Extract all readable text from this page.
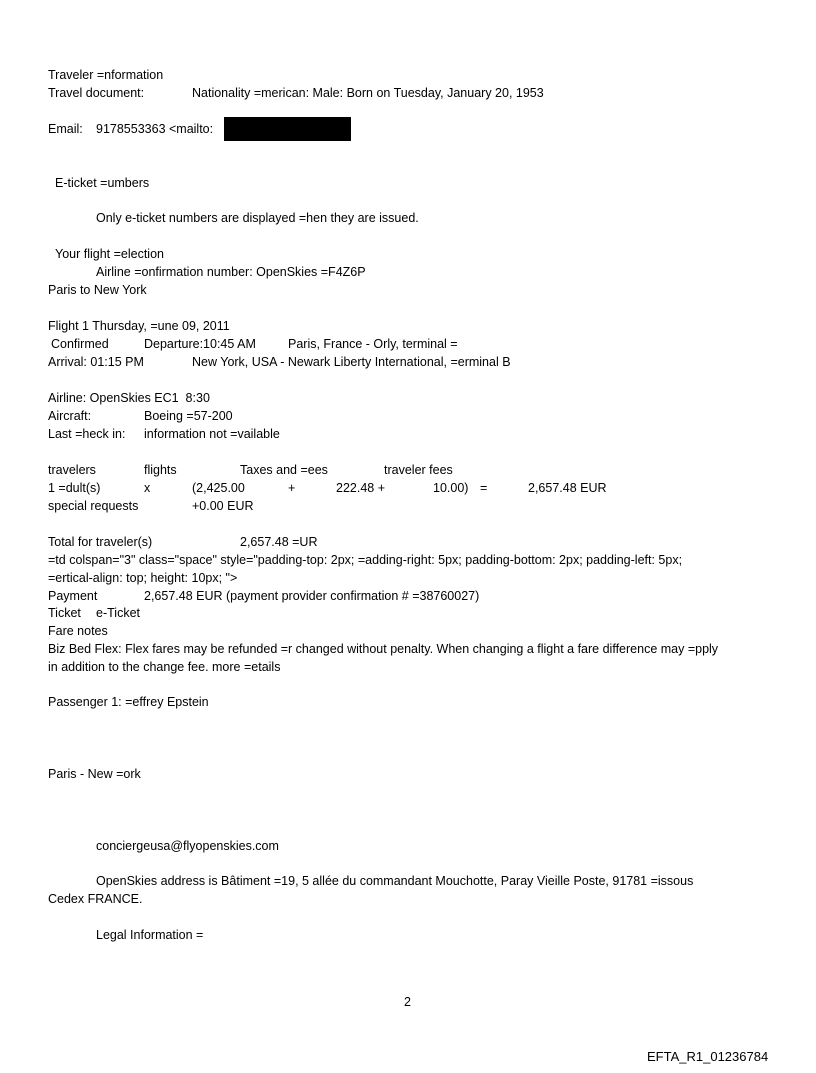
Traveler =nformation
Travel document:	Nationality =merican: Male: Born on Tuesday, January 20, 1953
Email: 9178553363 <mailto:
E-ticket =umbers
Only e-ticket numbers are displayed =hen they are issued.
Your flight =election
Airline =onfirmation number: OpenSkies =F4Z6P
Paris to New York
Flight 1 Thursday, =une 09, 2011
Confirmed	Departure:10:45 AM	Paris, France - Orly, terminal =
Arrival: 01:15 PM	New York, USA - Newark Liberty International, =erminal B
Airline: OpenSkies EC1  8:30
Aircraft:	Boeing =57-200
Last =heck in: information not =vailable
travelers	flights	Taxes and =ees	traveler fees
1 =dult(s)	x	(2,425.00	+	222.48 +	10.00) =	2,657.48 EUR
special requests	+0.00 EUR
Total for traveler(s)	2,657.48 =UR
=td colspan="3" class="space" style="padding-top: 2px; =adding-right: 5px; padding-bottom: 2px; padding-left: 5px;
=ertical-align: top; height: 10px; ">
Payment	2,657.48 EUR (payment provider confirmation # =38760027)
Ticket e-Ticket
Fare notes
Biz Bed Flex: Flex fares may be refunded =r changed without penalty. When changing a flight a fare difference may =pply
in addition to the change fee. more =etails
Passenger 1: =effrey Epstein
Paris - New =ork
conciergeusa@flyopenskies.com
OpenSkies address is Bâtiment =19, 5 allée du commandant Mouchotte, Paray Vieille Poste, 91781 =issous
Cedex FRANCE.
Legal Information =
2
EFTA_R1_01236784
